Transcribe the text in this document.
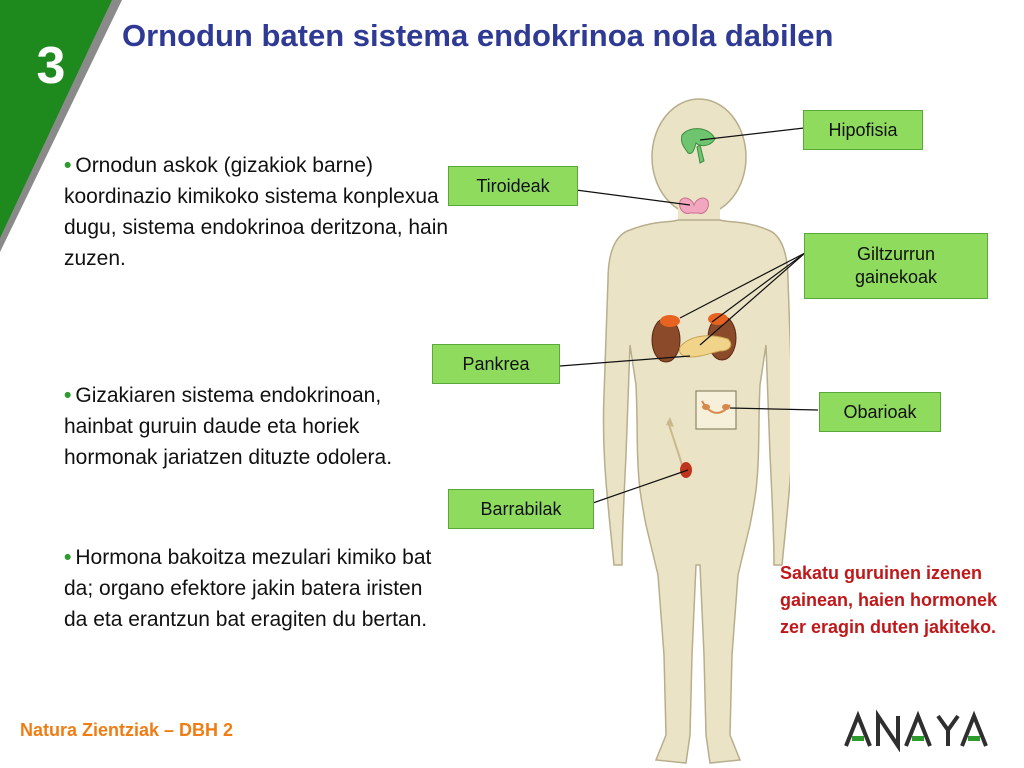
3
Ornodun baten sistema endokrinoa nola dabilen
• Ornodun askok (gizakiok barne) koordinazio kimikoko sistema konplexua dugu, sistema endokrinoa deritzona, hain zuzen.
• Gizakiaren sistema endokrinoan, hainbat guruin daude eta horiek hormonak jariatzen dituzte odolera.
• Hormona bakoitza mezulari kimiko bat da; organo efektore jakin batera iristen da eta erantzun bat eragiten du bertan.
Hipofisia
Tiroideak
Giltzurrun
gainekoak
Pankrea
Obarioak
Barrabilak
Sakatu guruinen izenen gainean, haien hormonek zer eragin duten jakiteko.
Natura Zientziak – DBH 2
